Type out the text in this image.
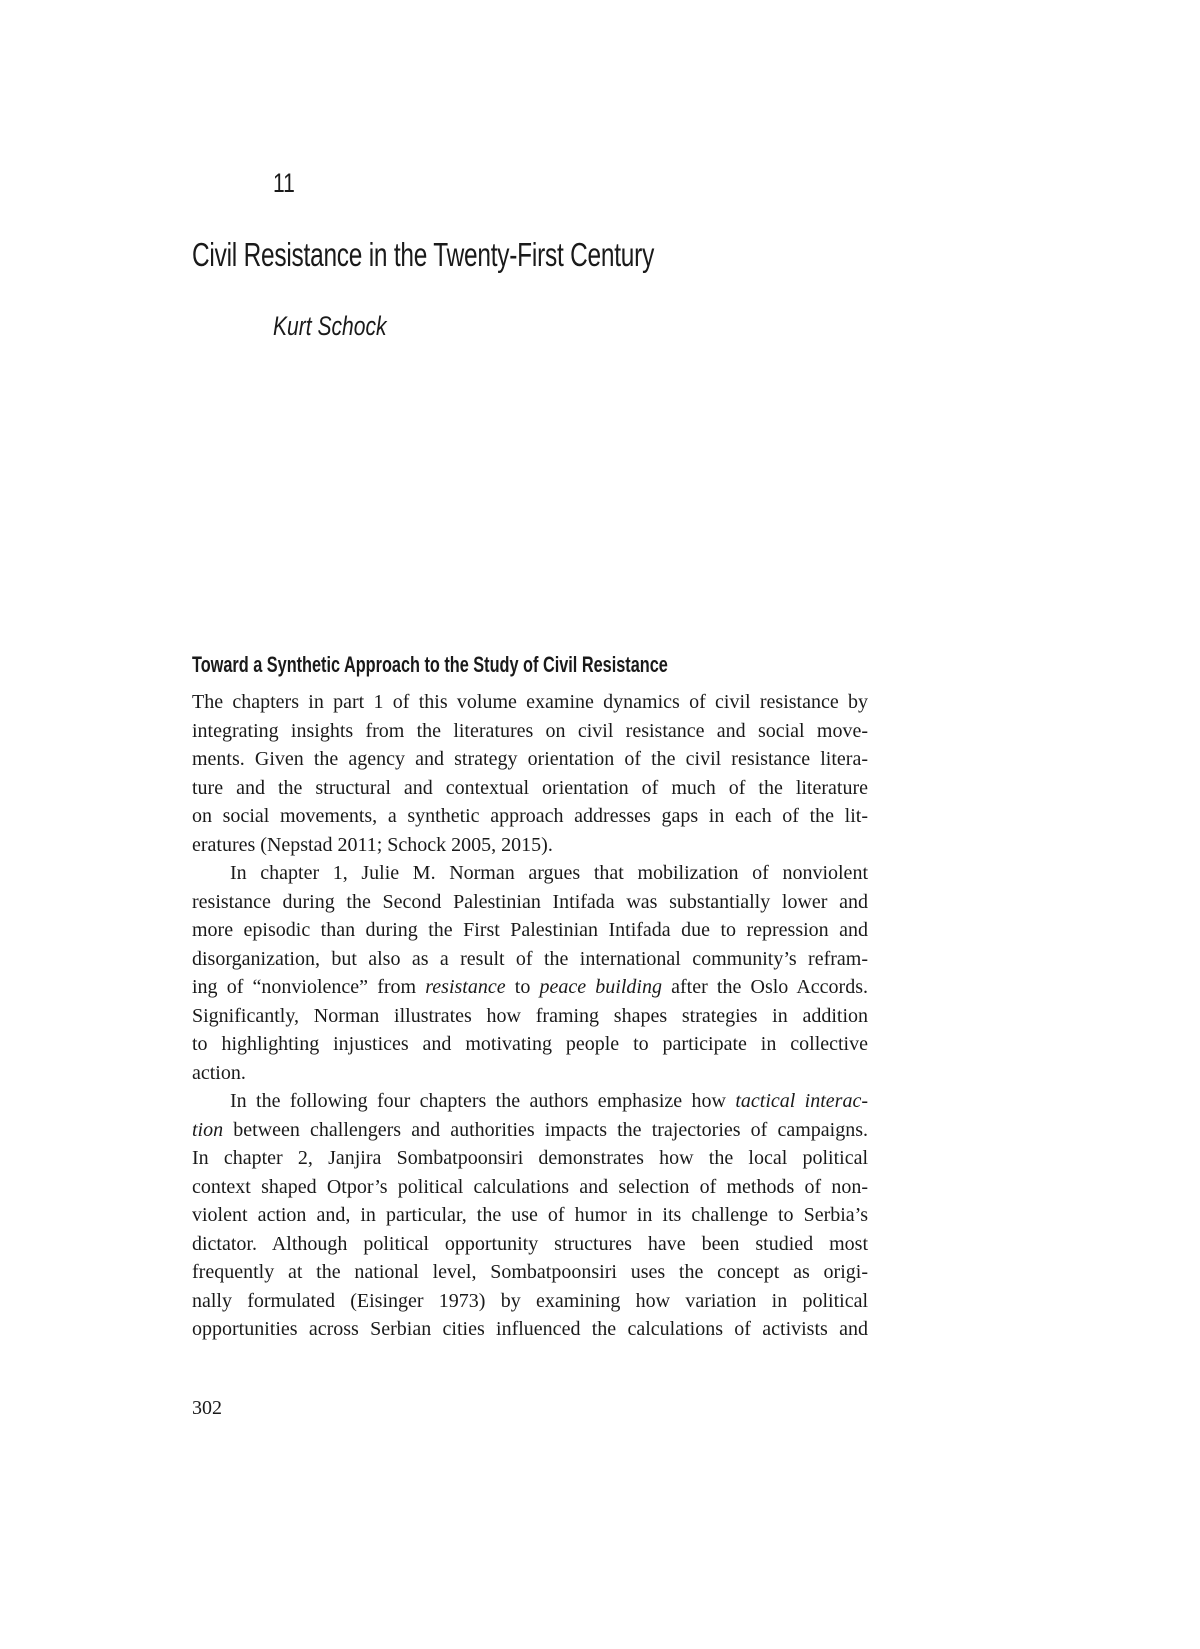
11
Civil Resistance in the Twenty-First Century
Kurt Schock
Toward a Synthetic Approach to the Study of Civil Resistance

The chapters in part 1 of this volume examine dynamics of civil resistance by
integrating insights from the literatures on civil resistance and social move-
ments. Given the agency and strategy orientation of the civil resistance litera-
ture and the structural and contextual orientation of much of the literature
on social movements, a synthetic approach addresses gaps in each of the lit-
eratures (Nepstad 2011; Schock 2005, 2015).

In chapter 1, Julie M. Norman argues that mobilization of nonviolent
resistance during the Second Palestinian Intifada was substantially lower and
more episodic than during the First Palestinian Intifada due to repression and
disorganization, but also as a result of the international community’s refram-
ing of “nonviolence” from resistance to peace building after the Oslo Accords.
Significantly, Norman illustrates how framing shapes strategies in addition
to highlighting injustices and motivating people to participate in collective
action.

In the following four chapters the authors emphasize how tactical interac-
tion between challengers and authorities impacts the trajectories of campaigns.
In chapter 2, Janjira Sombatpoonsiri demonstrates how the local political
context shaped Otpor’s political calculations and selection of methods of non-
violent action and, in particular, the use of humor in its challenge to Serbia’s
dictator. Although political opportunity structures have been studied most
frequently at the national level, Sombatpoonsiri uses the concept as origi-
nally formulated (Eisinger 1973) by examining how variation in political
opportunities across Serbian cities influenced the calculations of activists and

302
